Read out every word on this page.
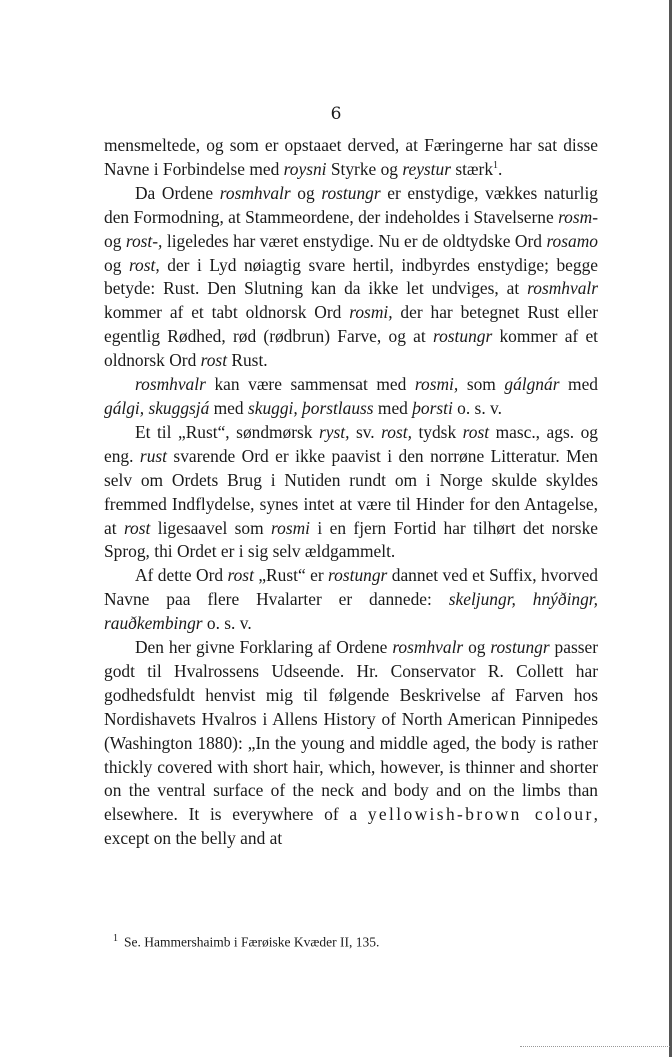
6

mensmeltede, og som er opstaaet derved, at Færingerne har sat disse Navne i Forbindelse med roysni Styrke og reystur stærk$^1$.

Da Ordene rosmhvalr og rostungr er enstydige, vækkes naturlig den Formodning, at Stammeordene, der indeholdes i Stavelserne rosm- og rost-, ligeledes har været enstydige. Nu er de oldtydske Ord rosamo og rost, der i Lyd nøiagtig svare hertil, indbyrdes enstydige; begge betyde: Rust. Den Slutning kan da ikke let undviges, at rosmhvalr kommer af et tabt oldnorsk Ord rosmi, der har betegnet Rust eller egentlig Rødhed, rød (rødbrun) Farve, og at rostungr kommer af et oldnorsk Ord rost Rust.

rosmhvalr kan være sammensat med rosmi, som gálgnár med gálgi, skuggsjá med skuggi, þorstlauss med þorsti o. s. v.

Et til „Rust“, søndmørsk ryst, sv. rost, tydsk rost masc., ags. og eng. rust svarende Ord er ikke paavist i den norrøne Litteratur. Men selv om Ordets Brug i Nutiden rundt om i Norge skulde skyldes fremmed Indflydelse, synes intet at være til Hinder for den Antagelse, at rost ligesaavel som rosmi i en fjern Fortid har tilhørt det norske Sprog, thi Ordet er i sig selv ældgammelt.

Af dette Ord rost „Rust“ er rostungr dannet ved et Suffix, hvorved Navne paa flere Hvalarter er dannede: skeljungr, hnýðingr, rauðkembingr o. s. v.

Den her givne Forklaring af Ordene rosmhvalr og rostungr passer godt til Hvalrossens Udseende. Hr. Conservator R. Collett har godhedsfuldt henvist mig til følgende Beskrivelse af Farven hos Nordishavets Hvalros i Allens History of North American Pinnipedes (Washington 1880): „In the young and middle aged, the body is rather thickly covered with short hair, which, however, is thinner and shorter on the ventral surface of the neck and body and on the limbs than elsewhere. It is everywhere of a yellowish-brown colour, except on the belly and at

$^1$ Se. Hammershaimb i Færøiske Kvæder II, 135.
